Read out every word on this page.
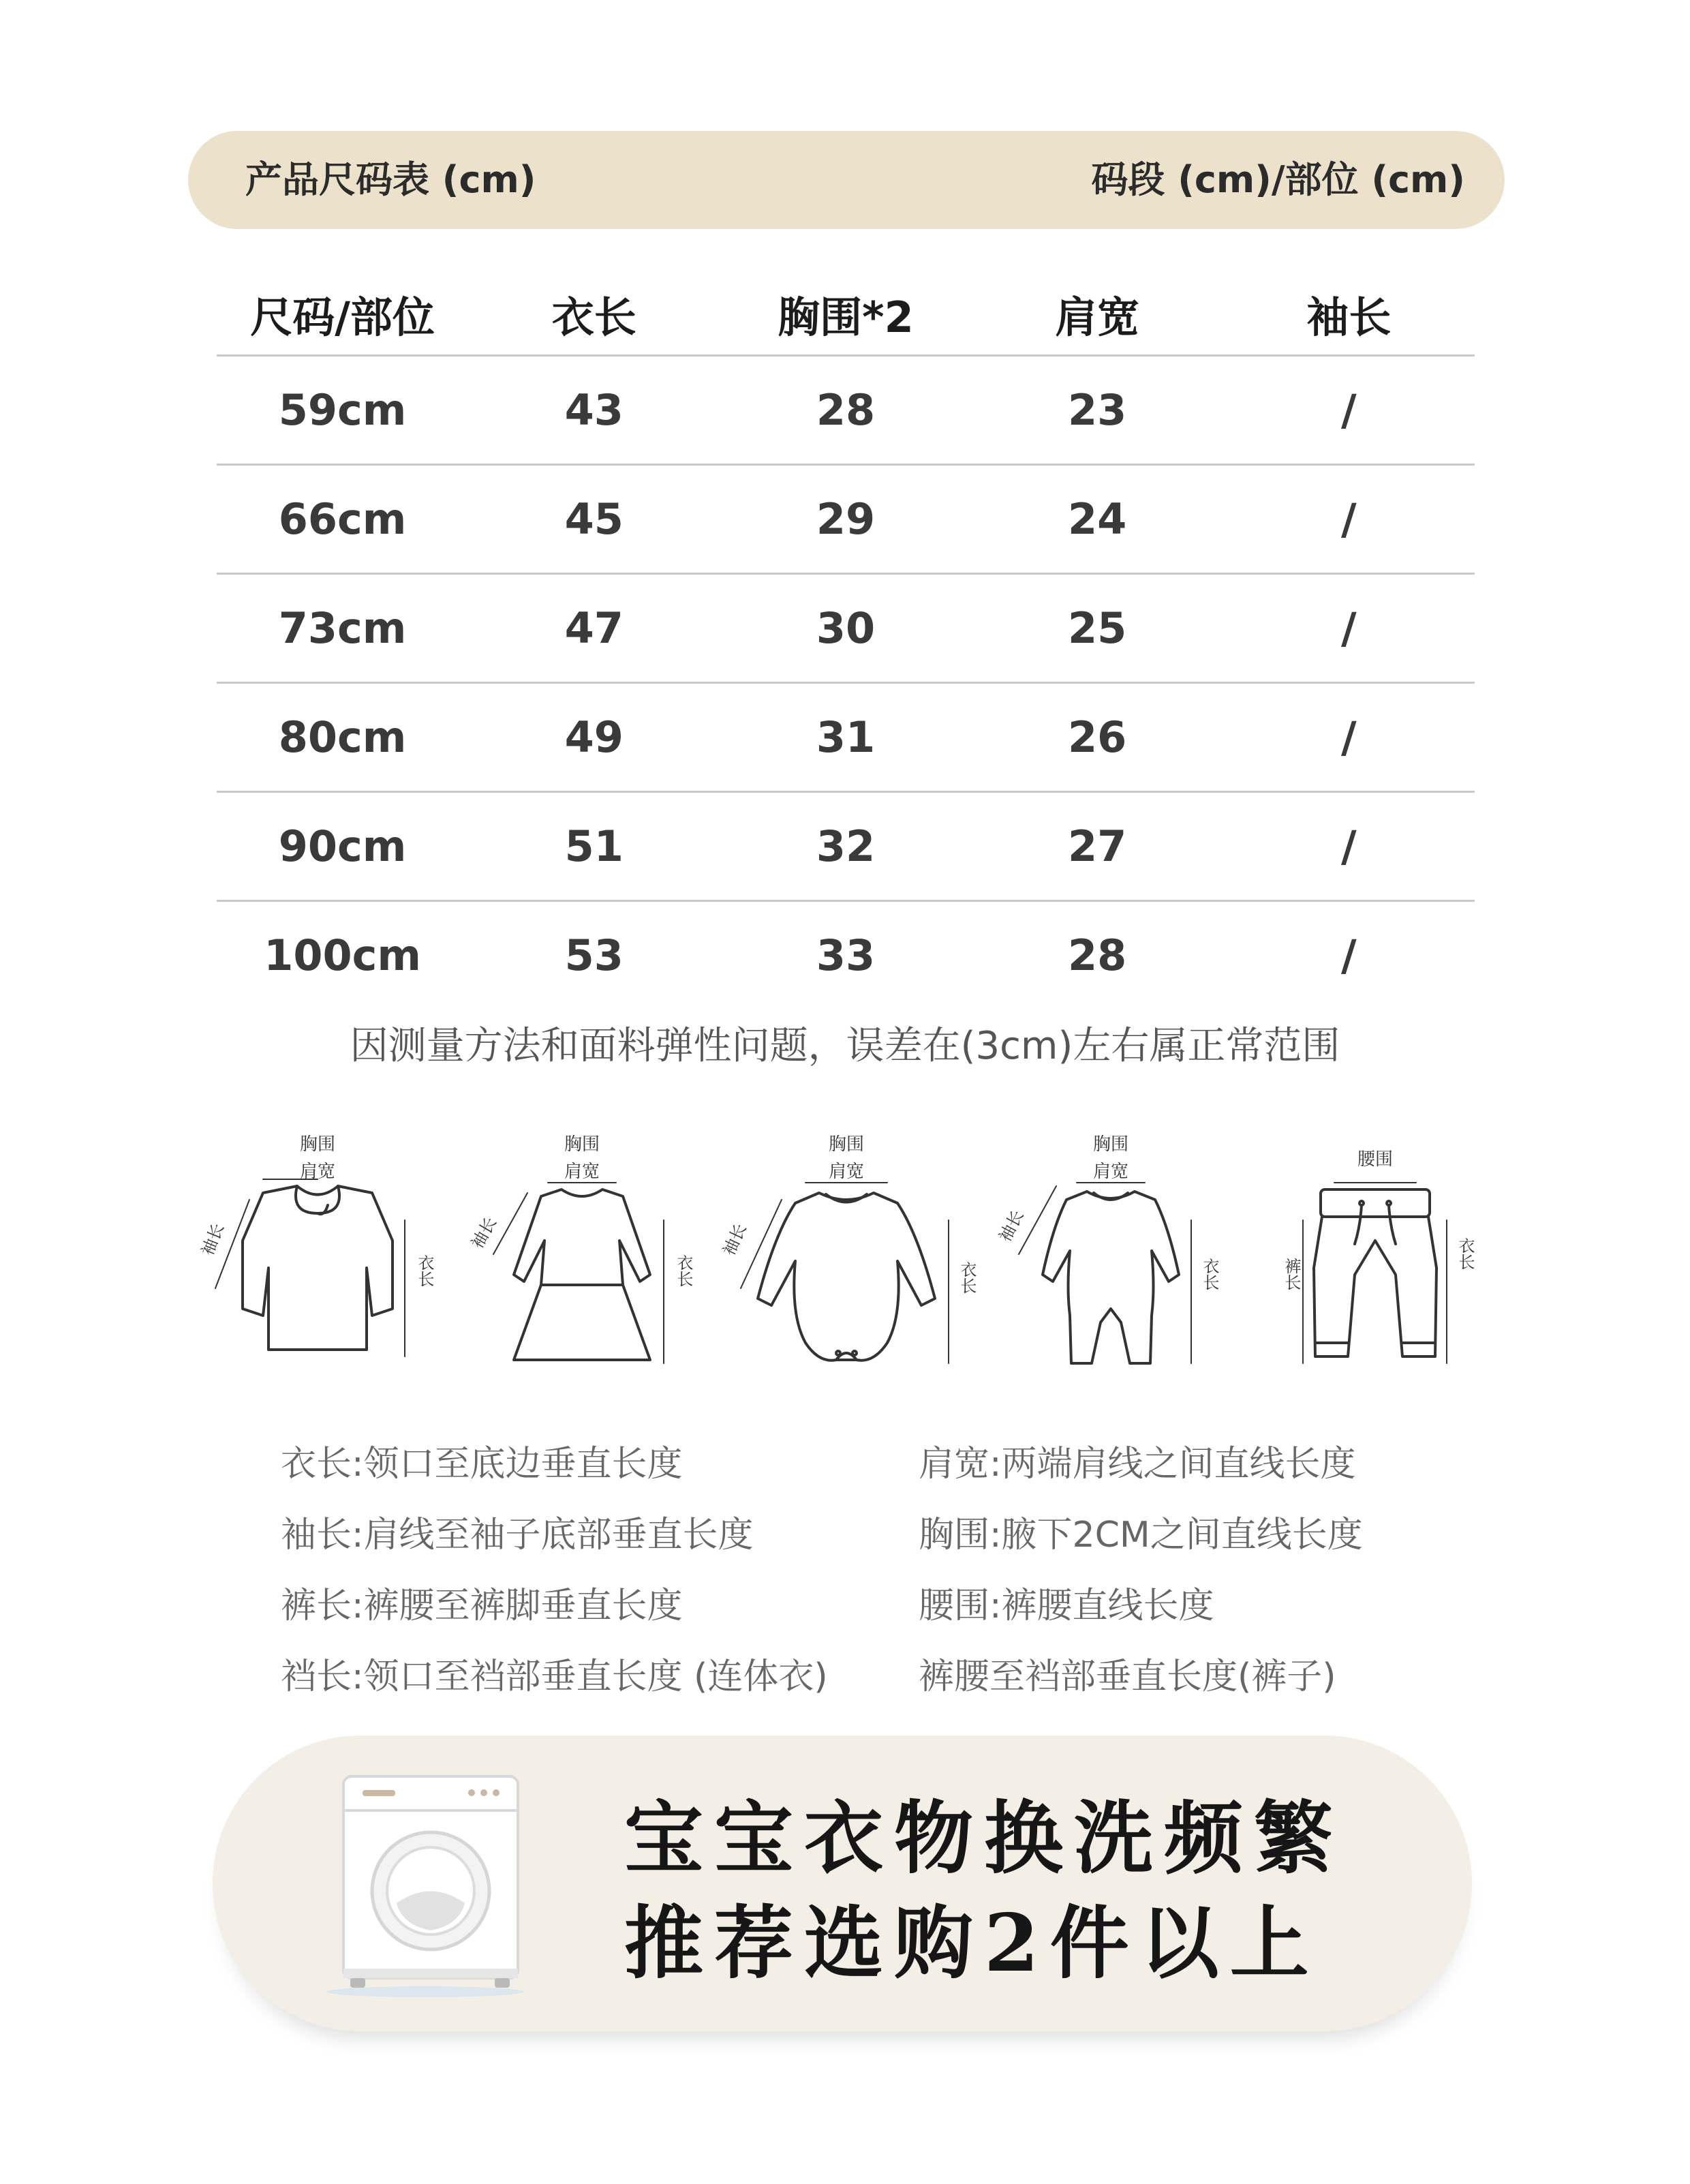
产品尺码表 (cm)	码段 (cm)/部位 (cm)
尺码/部位	衣长	胸围*2	肩宽	袖长
59cm	43	28	23	/
66cm	45	29	24	/
73cm	47	30	25	/
80cm	49	31	26	/
90cm	51	32	27	/
100cm	53	33	28	/
因测量方法和面料弹性问题，误差在(3cm)左右属正常范围
胸围
肩宽
袖长
衣长
胸围
肩宽
袖长
衣长
胸围
肩宽
袖长
衣长
胸围
肩宽
袖长
衣长
腰围
裤长
衣长
衣长:领口至底边垂直长度	肩宽:两端肩线之间直线长度
袖长:肩线至袖子底部垂直长度	胸围:腋下2CM之间直线长度
裤长:裤腰至裤脚垂直长度	腰围:裤腰直线长度
裆长:领口至裆部垂直长度 (连体衣)	裤腰至裆部垂直长度(裤子)
宝宝衣物换洗频繁
推荐选购2件以上
